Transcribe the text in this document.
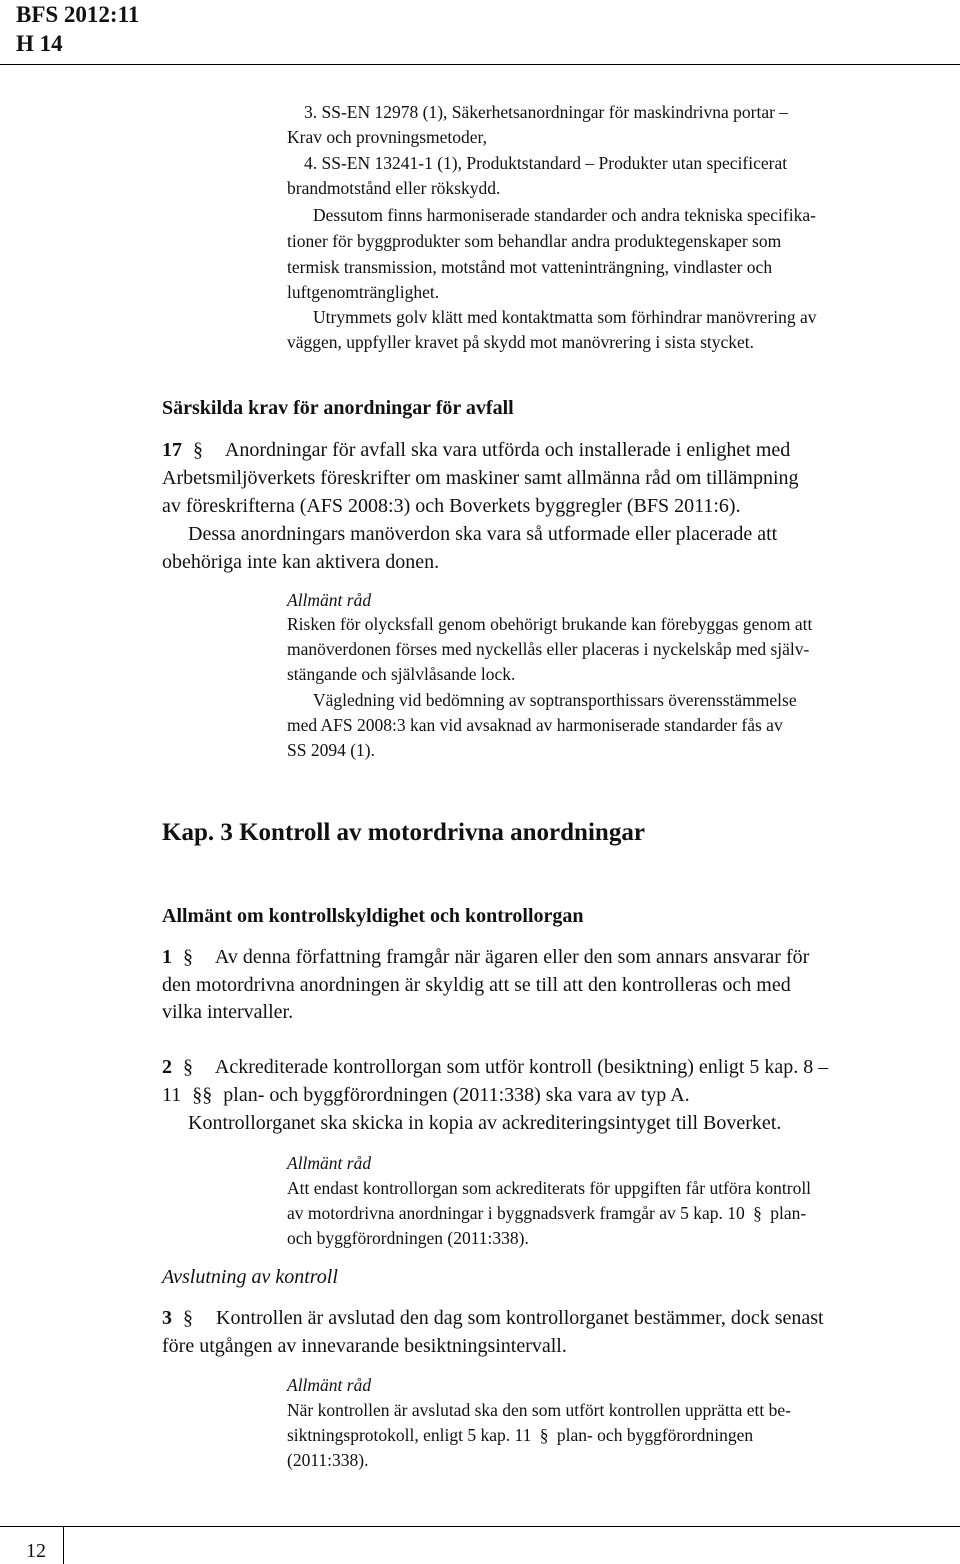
BFS 2012:11
H 14
3. SS-EN 12978 (1), Säkerhetsanordningar för maskindrivna portar –
Krav och provningsmetoder,
4. SS-EN 13241-1 (1), Produktstandard – Produkter utan specificerat
brandmotstånd eller rökskydd.
Dessutom finns harmoniserade standarder och andra tekniska specifika-
tioner för byggprodukter som behandlar andra produktegenskaper som
termisk transmission, motstånd mot vatteninträngning, vindlaster och
luftgenomtränglighet.
Utrymmets golv klätt med kontaktmatta som förhindrar manövrering av
väggen, uppfyller kravet på skydd mot manövrering i sista stycket.
Särskilda krav för anordningar för avfall
17 § Anordningar för avfall ska vara utförda och installerade i enlighet med
Arbetsmiljöverkets föreskrifter om maskiner samt allmänna råd om tillämpning
av föreskrifterna (AFS 2008:3) och Boverkets byggregler (BFS 2011:6).
Dessa anordningars manöverdon ska vara så utformade eller placerade att
obehöriga inte kan aktivera donen.
Allmänt råd
Risken för olycksfall genom obehörigt brukande kan förebyggas genom att
manöverdonen förses med nyckellås eller placeras i nyckelskåp med själv-
stängande och självlåsande lock.
Vägledning vid bedömning av soptransporthissars överensstämmelse
med AFS 2008:3 kan vid avsaknad av harmoniserade standarder fås av
SS 2094 (1).
Kap. 3 Kontroll av motordrivna anordningar
Allmänt om kontrollskyldighet och kontrollorgan
1 § Av denna författning framgår när ägaren eller den som annars ansvarar för
den motordrivna anordningen är skyldig att se till att den kontrolleras och med
vilka intervaller.
2 § Ackrediterade kontrollorgan som utför kontroll (besiktning) enligt 5 kap. 8 –
11 §§ plan- och byggförordningen (2011:338) ska vara av typ A.
Kontrollorganet ska skicka in kopia av ackrediteringsintyget till Boverket.
Allmänt råd
Att endast kontrollorgan som ackrediterats för uppgiften får utföra kontroll
av motordrivna anordningar i byggnadsverk framgår av 5 kap. 10 § plan-
och byggförordningen (2011:338).
Avslutning av kontroll
3 § Kontrollen är avslutad den dag som kontrollorganet bestämmer, dock senast
före utgången av innevarande besiktningsintervall.
Allmänt råd
När kontrollen är avslutad ska den som utfört kontrollen upprätta ett be-
siktningsprotokoll, enligt 5 kap. 11 § plan- och byggförordningen
(2011:338).
12
